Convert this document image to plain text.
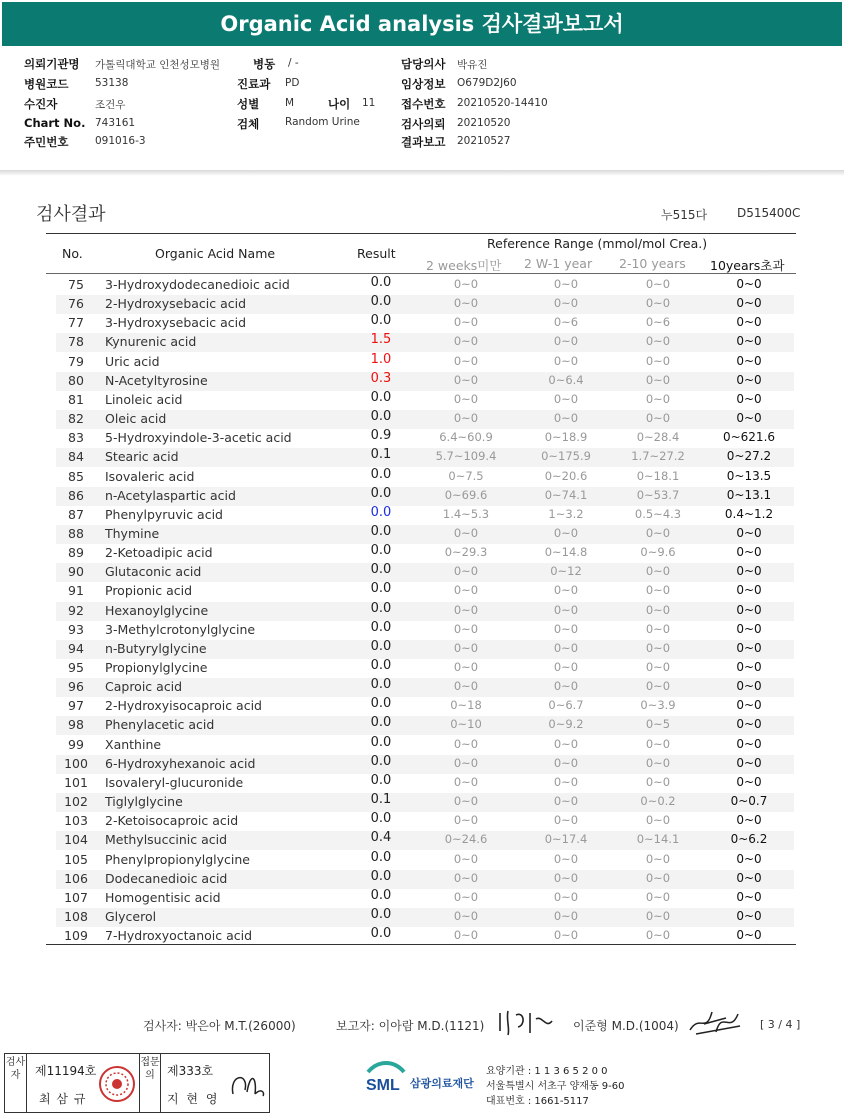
Organic Acid analysis 검사결과보고서
의뢰기관명 가톨릭대학교 인천성모병원	병동 / -	담당의사 박유진
병원코드	53138	진료과 PD	임상정보 O679D2J60
수진자	조건우	성별 M	나이 11 접수번호 20210520-14410
Chart No. 743161	검체 Random Urine	검사의뢰 20210520
주민번호	091016-3	결과보고 20210527
검사결과	누515다 D515400C
No.	Organic Acid Name	Result
Reference Range (mmol/mol Crea.)
2 weeks미만 2 W-1 year 2-10 years 10years초과
75	3-Hydroxydodecanedioic acid	0.0	0~0	0~0	0~0	0~0
76	2-Hydroxysebacic acid	0.0	0~0	0~0	0~0	0~0
77	3-Hydroxysebacic acid	0.0	0~0	0~6	0~6	0~0
78	Kynurenic acid	1.5	0~0	0~0	0~0	0~0
79	Uric acid	1.0	0~0	0~0	0~0	0~0
80	N-Acetyltyrosine	0.3	0~0	0~6.4	0~0	0~0
81	Linoleic acid	0.0	0~0	0~0	0~0	0~0
82	Oleic acid	0.0	0~0	0~0	0~0	0~0
83	5-Hydroxyindole-3-acetic acid	0.9	6.4~60.9	0~18.9	0~28.4	0~621.6
84	Stearic acid	0.1	5.7~109.4	0~175.9	1.7~27.2	0~27.2
85	Isovaleric acid	0.0	0~7.5	0~20.6	0~18.1	0~13.5
86	n-Acetylaspartic acid	0.0	0~69.6	0~74.1	0~53.7	0~13.1
87	Phenylpyruvic acid	0.0	1.4~5.3	1~3.2	0.5~4.3	0.4~1.2
88	Thymine	0.0	0~0	0~0	0~0	0~0
89	2-Ketoadipic acid	0.0	0~29.3	0~14.8	0~9.6	0~0
90	Glutaconic acid	0.0	0~0	0~12	0~0	0~0
91	Propionic acid	0.0	0~0	0~0	0~0	0~0
92	Hexanoylglycine	0.0	0~0	0~0	0~0	0~0
93	3-Methylcrotonylglycine	0.0	0~0	0~0	0~0	0~0
94	n-Butyrylglycine	0.0	0~0	0~0	0~0	0~0
95	Propionylglycine	0.0	0~0	0~0	0~0	0~0
96	Caproic acid	0.0	0~0	0~0	0~0	0~0
97	2-Hydroxyisocaproic acid	0.0	0~18	0~6.7	0~3.9	0~0
98	Phenylacetic acid	0.0	0~10	0~9.2	0~5	0~0
99	Xanthine	0.0	0~0	0~0	0~0	0~0
100	6-Hydroxyhexanoic acid	0.0	0~0	0~0	0~0	0~0
101	Isovaleryl-glucuronide	0.0	0~0	0~0	0~0	0~0
102	Tiglylglycine	0.1	0~0	0~0	0~0.2	0~0.7
103	2-Ketoisocaproic acid	0.0	0~0	0~0	0~0	0~0
104	Methylsuccinic acid	0.4	0~24.6	0~17.4	0~14.1	0~6.2
105	Phenylpropionylglycine	0.0	0~0	0~0	0~0	0~0
106	Dodecanedioic acid	0.0	0~0	0~0	0~0	0~0
107	Homogentisic acid	0.0	0~0	0~0	0~0	0~0
108	Glycerol	0.0	0~0	0~0	0~0	0~0
109	7-Hydroxyoctanoic acid	0.0	0~0	0~0	0~0	0~0
검사자: 박은아 M.T.(26000)	보고자: 이아람 M.D.(1121)	이준형 M.D.(1004)	[ 3 / 4 ]
검사자	제11194호
최 삼 규
접문의	제333호
지 현 영
SML 삼광의료재단
요양기관 : 1 1 3 6 5 2 0 0
서울특별시 서초구 양재동 9-60
대표번호 : 1661-5117
